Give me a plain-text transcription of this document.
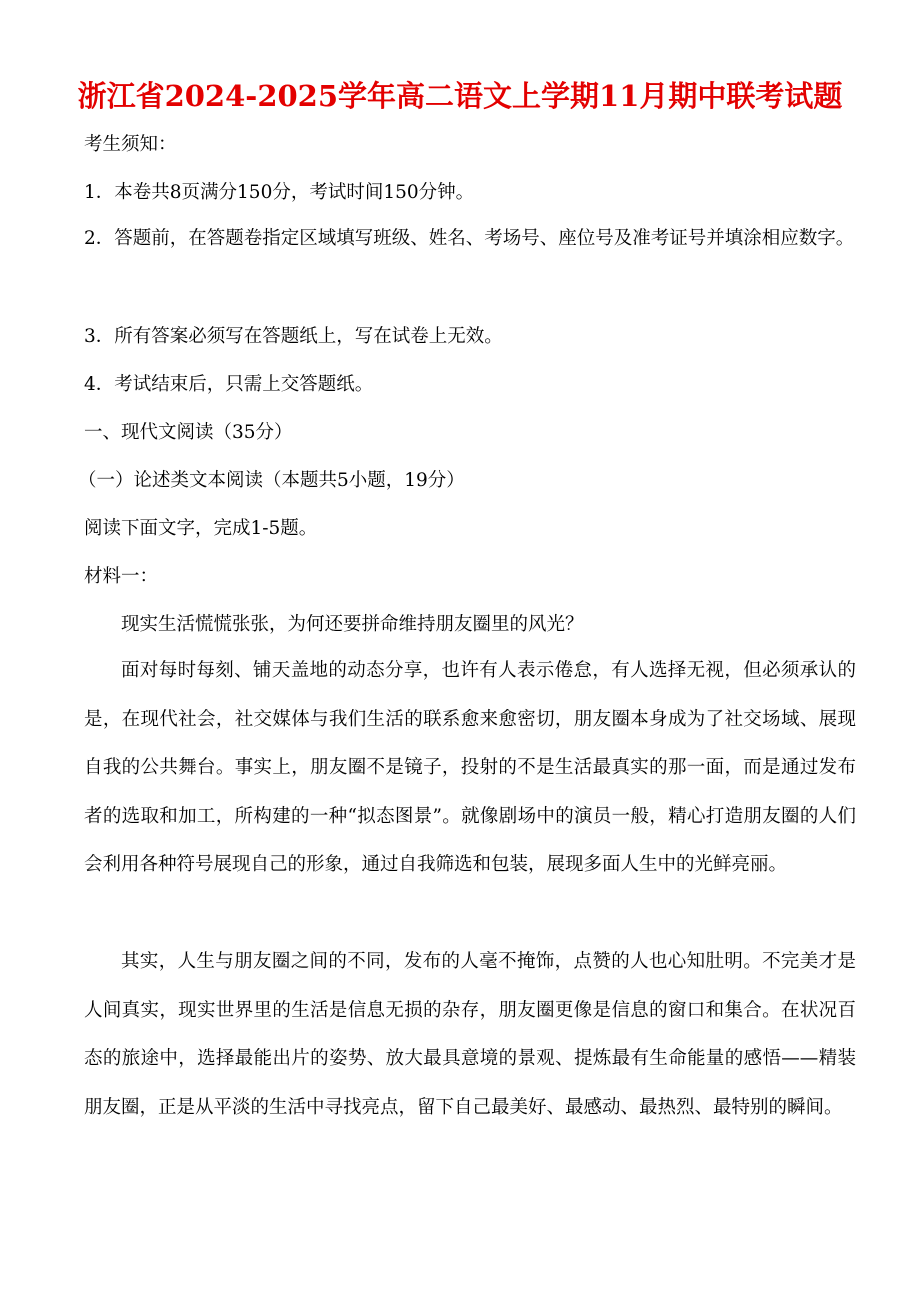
浙江省2024-2025学年高二语文上学期11月期中联考试题
考生须知：
1．本卷共8页满分150分，考试时间150分钟。
2．答题前，在答题卷指定区域填写班级、姓名、考场号、座位号及准考证号并填涂相应数字。
3．所有答案必须写在答题纸上，写在试卷上无效。
4．考试结束后，只需上交答题纸。
一、现代文阅读（35分）
（一）论述类文本阅读（本题共5小题，19分）
阅读下面文字，完成1-5题。
材料一：
现实生活慌慌张张，为何还要拼命维持朋友圈里的风光？
面对每时每刻、铺天盖地的动态分享，也许有人表示倦怠，有人选择无视，但必须承认的是，在现代社会，社交媒体与我们生活的联系愈来愈密切，朋友圈本身成为了社交场域、展现自我的公共舞台。事实上，朋友圈不是镜子，投射的不是生活最真实的那一面，而是通过发布者的选取和加工，所构建的一种“拟态图景”。就像剧场中的演员一般，精心打造朋友圈的人们会利用各种符号展现自己的形象，通过自我筛选和包装，展现多面人生中的光鲜亮丽。
其实，人生与朋友圈之间的不同，发布的人毫不掩饰，点赞的人也心知肚明。不完美才是人间真实，现实世界里的生活是信息无损的杂存，朋友圈更像是信息的窗口和集合。在状况百态的旅途中，选择最能出片的姿势、放大最具意境的景观、提炼最有生命能量的感悟——精装朋友圈，正是从平淡的生活中寻找亮点，留下自己最美好、最感动、最热烈、最特别的瞬间。
